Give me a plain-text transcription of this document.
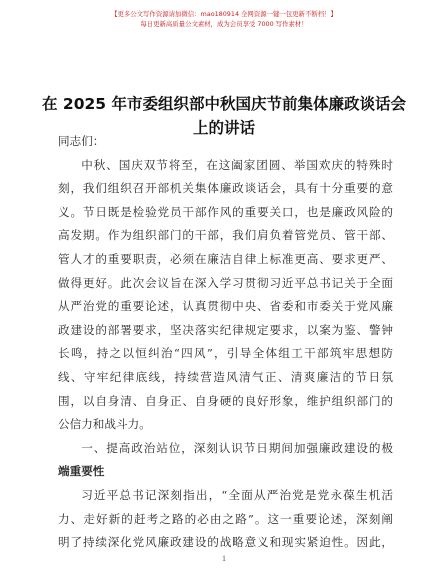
【更多公文写作资源请加微信：mao180914 全网资源一键一包更新不断档！】
每日更新高质量公文素材，成为会员享受 7000 写作素材！
在 2025 年市委组织部中秋国庆节前集体廉政谈话会上的讲话

同志们：

中秋、国庆双节将至，在这阖家团圆、举国欢庆的特殊时
刻，我们组织召开部机关集体廉政谈话会，具有十分重要的意
义。节日既是检验党员干部作风的重要关口，也是廉政风险的
高发期。作为组织部门的干部，我们肩负着管党员、管干部、
管人才的重要职责，必须在廉洁自律上标准更高、要求更严、
做得更好。此次会议旨在深入学习贯彻习近平总书记关于全面
从严治党的重要论述，认真贯彻中央、省委和市委关于党风廉
政建设的部署要求，坚决落实纪律规定要求，以案为鉴、警钟
长鸣，持之以恒纠治“四风”，引导全体组工干部筑牢思想防
线、守牢纪律底线，持续营造风清气正、清爽廉洁的节日氛
围，以自身清、自身正、自身硬的良好形象，维护组织部门的
公信力和战斗力。
一、提高政治站位，深刻认识节日期间加强廉政建设的极
端重要性
习近平总书记深刻指出，“全面从严治党是党永葆生机活
力、走好新的赶考之路的必由之路”。这一重要论述，深刻阐
明了持续深化党风廉政建设的战略意义和现实紧迫性。因此，
1
